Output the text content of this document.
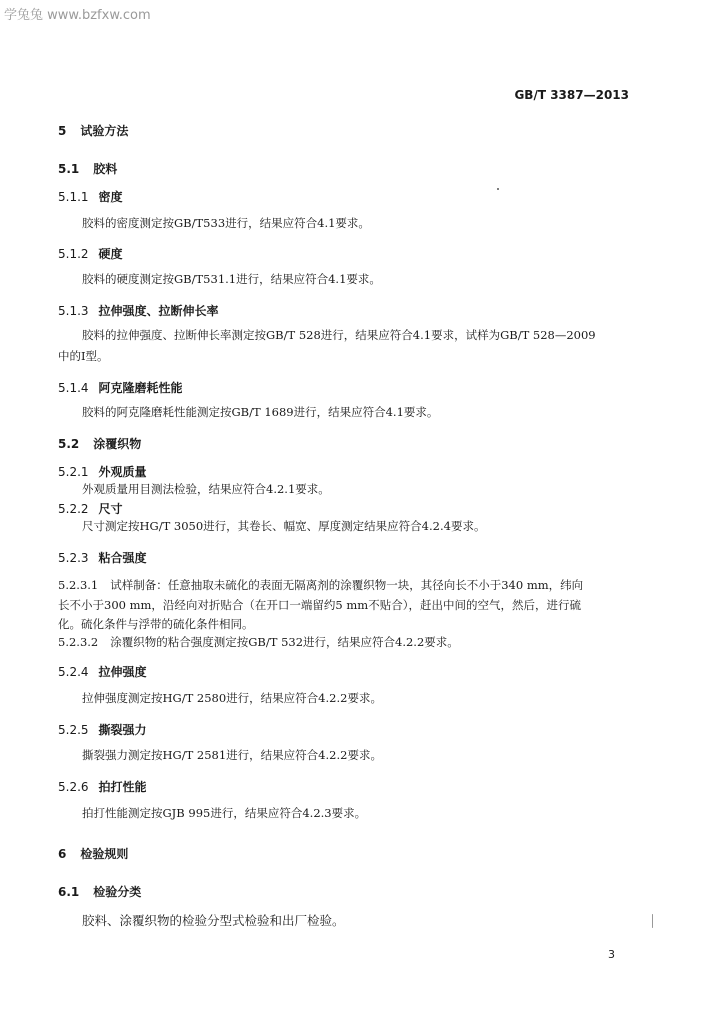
学兔兔 www.bzfxw.com
GB/T 3387—2013
5 试验方法
5.1 胶料
5.1.1 密度
胶料的密度测定按GB/T533进行，结果应符合4.1要求。
5.1.2 硬度
胶料的硬度测定按GB/T531.1进行，结果应符合4.1要求。
5.1.3 拉伸强度、拉断伸长率
胶料的拉伸强度、拉断伸长率测定按GB/T 528进行，结果应符合4.1要求，试样为GB/T 528—2009
中的Ⅰ型。
5.1.4 阿克隆磨耗性能
胶料的阿克隆磨耗性能测定按GB/T 1689进行，结果应符合4.1要求。
5.2 涂覆织物
5.2.1 外观质量
外观质量用目测法检验，结果应符合4.2.1要求。
5.2.2 尺寸
尺寸测定按HG/T 3050进行，其卷长、幅宽、厚度测定结果应符合4.2.4要求。
5.2.3 粘合强度
5.2.3.1 试样制备：任意抽取未硫化的表面无隔离剂的涂覆织物一块，其径向长不小于340 mm，纬向
长不小于300 mm，沿经向对折贴合（在开口一端留约5 mm不贴合），赶出中间的空气，然后，进行硫
化。硫化条件与浮带的硫化条件相同。
5.2.3.2 涂覆织物的粘合强度测定按GB/T 532进行，结果应符合4.2.2要求。
5.2.4 拉伸强度
拉伸强度测定按HG/T 2580进行，结果应符合4.2.2要求。
5.2.5 撕裂强力
撕裂强力测定按HG/T 2581进行，结果应符合4.2.2要求。
5.2.6 拍打性能
拍打性能测定按GJB 995进行，结果应符合4.2.3要求。
6 检验规则
6.1 检验分类
胶料、涂覆织物的检验分型式检验和出厂检验。
3
